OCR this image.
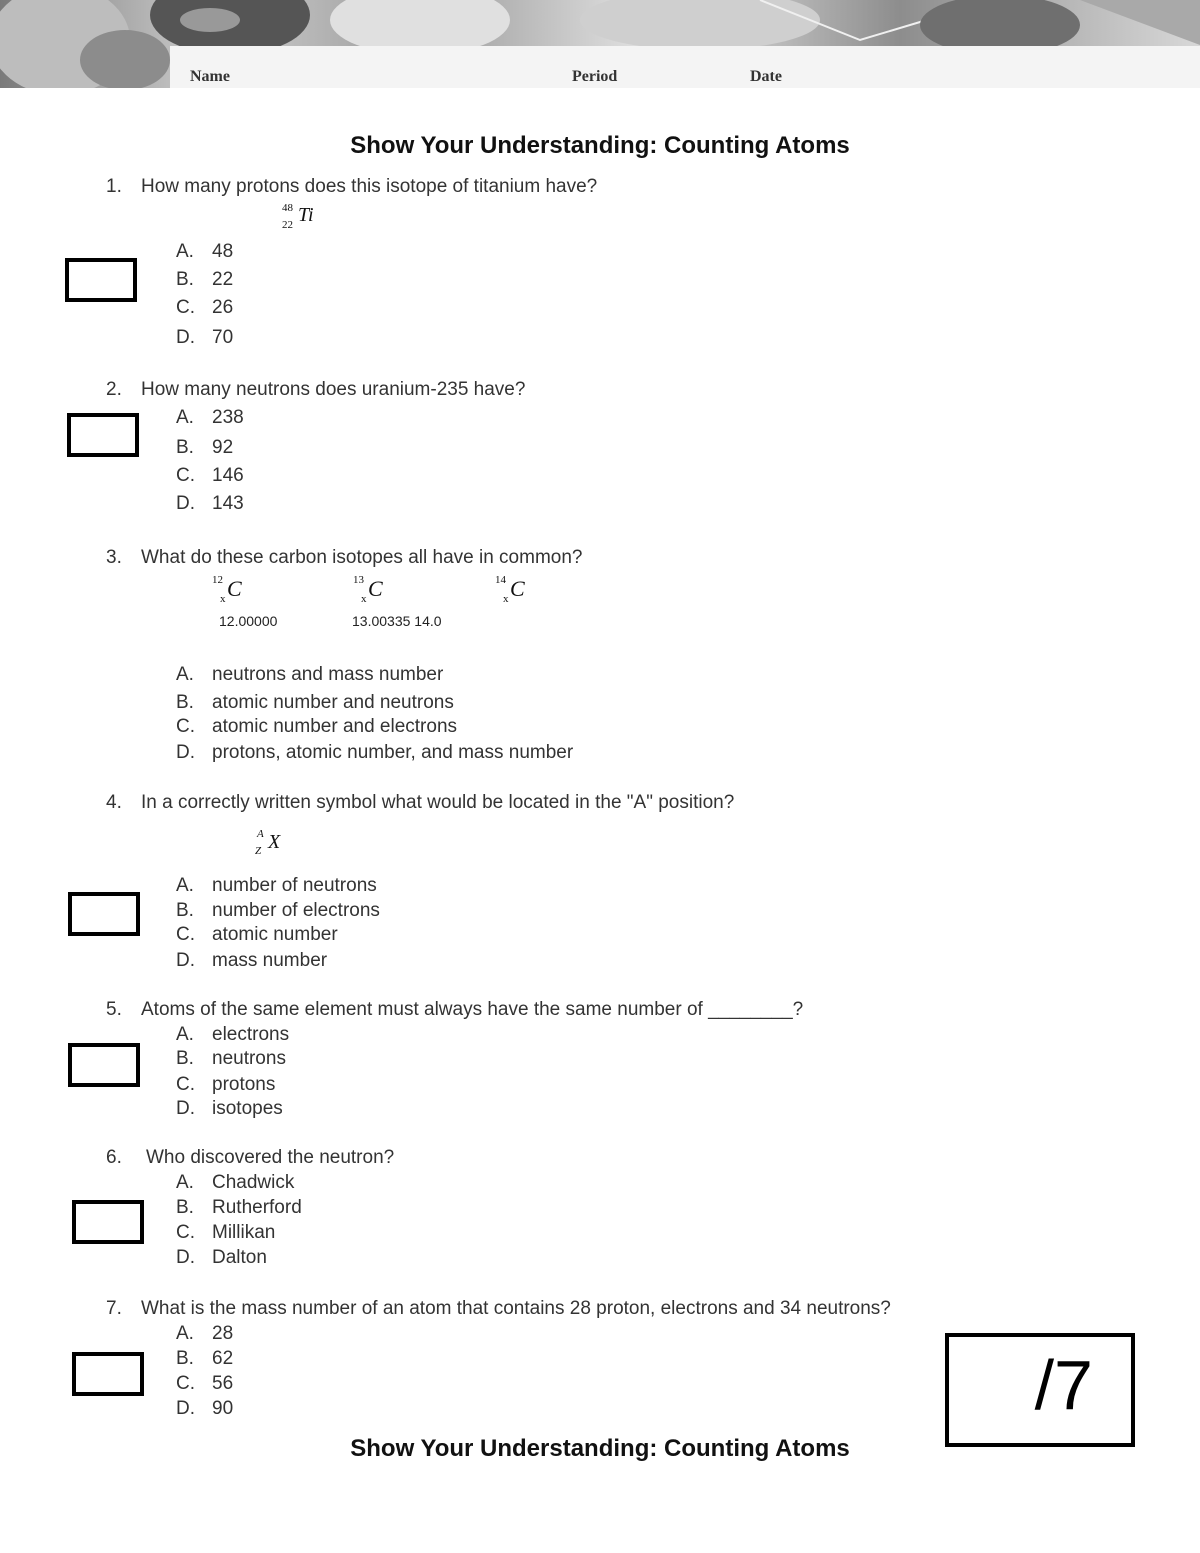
Name	Period	Date
Show Your Understanding: Counting Atoms
1. How many protons does this isotope of titanium have?
48
22 Ti
A. 48
B. 22
C. 26
D. 70
2. How many neutrons does uranium-235 have?
A. 238
B. 92
C. 146
D. 143
3. What do these carbon isotopes all have in common?
12
x C	13
x C	14
x C
12.00000	13.00335 14.0
A. neutrons and mass number
B. atomic number and neutrons
C. atomic number and electrons
D. protons, atomic number, and mass number
4. In a correctly written symbol what would be located in the "A" position?
A
Z X
A. number of neutrons
B. number of electrons
C. atomic number
D. mass number
5. Atoms of the same element must always have the same number of ________?
A. electrons
B. neutrons
C. protons
D. isotopes
6. Who discovered the neutron?
A. Chadwick
B. Rutherford
C. Millikan
D. Dalton
7. What is the mass number of an atom that contains 28 proton, electrons and 34 neutrons?
A. 28
B. 62
C. 56
D. 90	/7
Show Your Understanding: Counting Atoms
